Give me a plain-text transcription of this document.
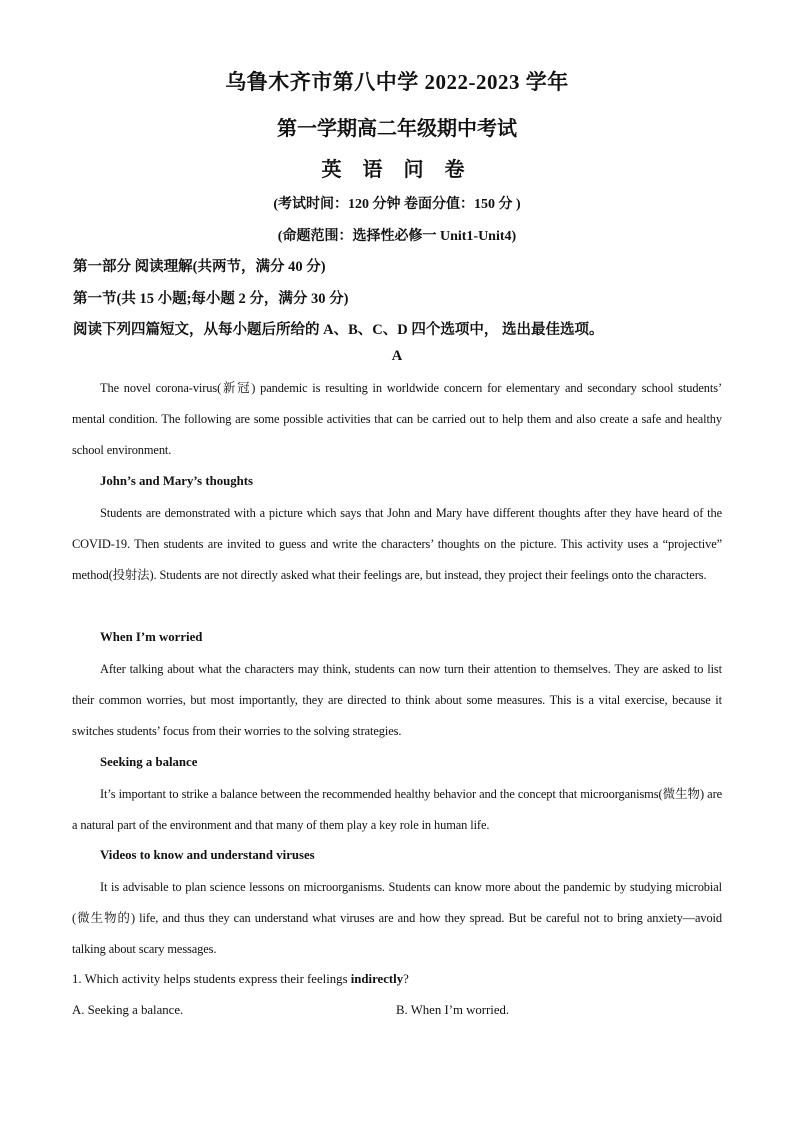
乌鲁木齐市第八中学 2022-2023 学年
第一学期高二年级期中考试
英 语 问 卷
(考试时间：120 分钟 卷面分值：150 分 )
(命题范围：选择性必修一 Unit1-Unit4)
第一部分 阅读理解(共两节，满分 40 分)
第一节(共 15 小题;每小题 2 分，满分 30 分)
阅读下列四篇短文，从每小题后所给的 A、B、C、D 四个选项中， 选出最佳选项。
A
The novel corona-virus(新冠) pandemic is resulting in worldwide concern for elementary and secondary school students’ mental condition. The following are some possible activities that can be carried out to help them and also create a safe and healthy school environment.
John’s and Mary’s thoughts
Students are demonstrated with a picture which says that John and Mary have different thoughts after they have heard of the COVID-19. Then students are invited to guess and write the characters’ thoughts on the picture. This activity uses a “projective” method(投射法). Students are not directly asked what their feelings are, but instead, they project their feelings onto the characters.
When I’m worried
After talking about what the characters may think, students can now turn their attention to themselves. They are asked to list their common worries, but most importantly, they are directed to think about some measures. This is a vital exercise, because it switches students’ focus from their worries to the solving strategies.
Seeking a balance
It’s important to strike a balance between the recommended healthy behavior and the concept that microorganisms(微生物) are a natural part of the environment and that many of them play a key role in human life.
Videos to know and understand viruses
It is advisable to plan science lessons on microorganisms. Students can know more about the pandemic by studying microbial (微生物的) life, and thus they can understand what viruses are and how they spread. But be careful not to bring anxiety—avoid talking about scary messages.
1. Which activity helps students express their feelings indirectly?
A. Seeking a balance.	B. When I’m worried.
